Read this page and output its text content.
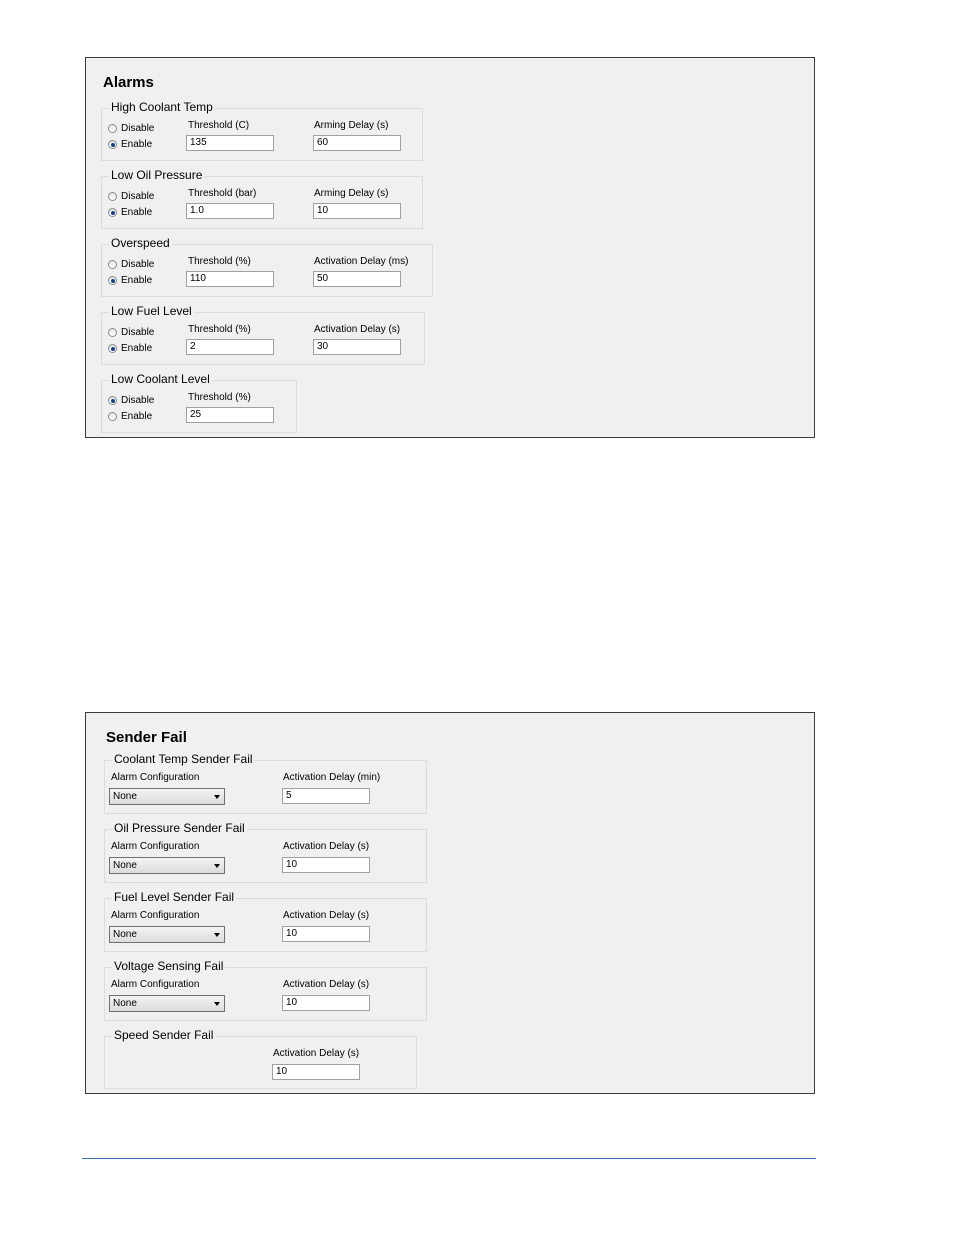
Alarms
High Coolant Temp
Disable
Enable
Threshold (C)
135
Arming Delay (s)
60
Low Oil Pressure
Disable
Enable
Threshold (bar)
1.0
Arming Delay (s)
10
Overspeed
Disable
Enable
Threshold (%)
110
Activation Delay (ms)
50
Low Fuel Level
Disable
Enable
Threshold (%)
2
Activation Delay (s)
30
Low Coolant Level
Disable
Enable
Threshold (%)
25
Sender Fail
Coolant Temp Sender Fail
Alarm Configuration
None
Activation Delay (min)
5
Oil Pressure Sender Fail
Alarm Configuration
None
Activation Delay (s)
10
Fuel Level Sender Fail
Alarm Configuration
None
Activation Delay (s)
10
Voltage Sensing Fail
Alarm Configuration
None
Activation Delay (s)
10
Speed Sender Fail
Activation Delay (s)
10
